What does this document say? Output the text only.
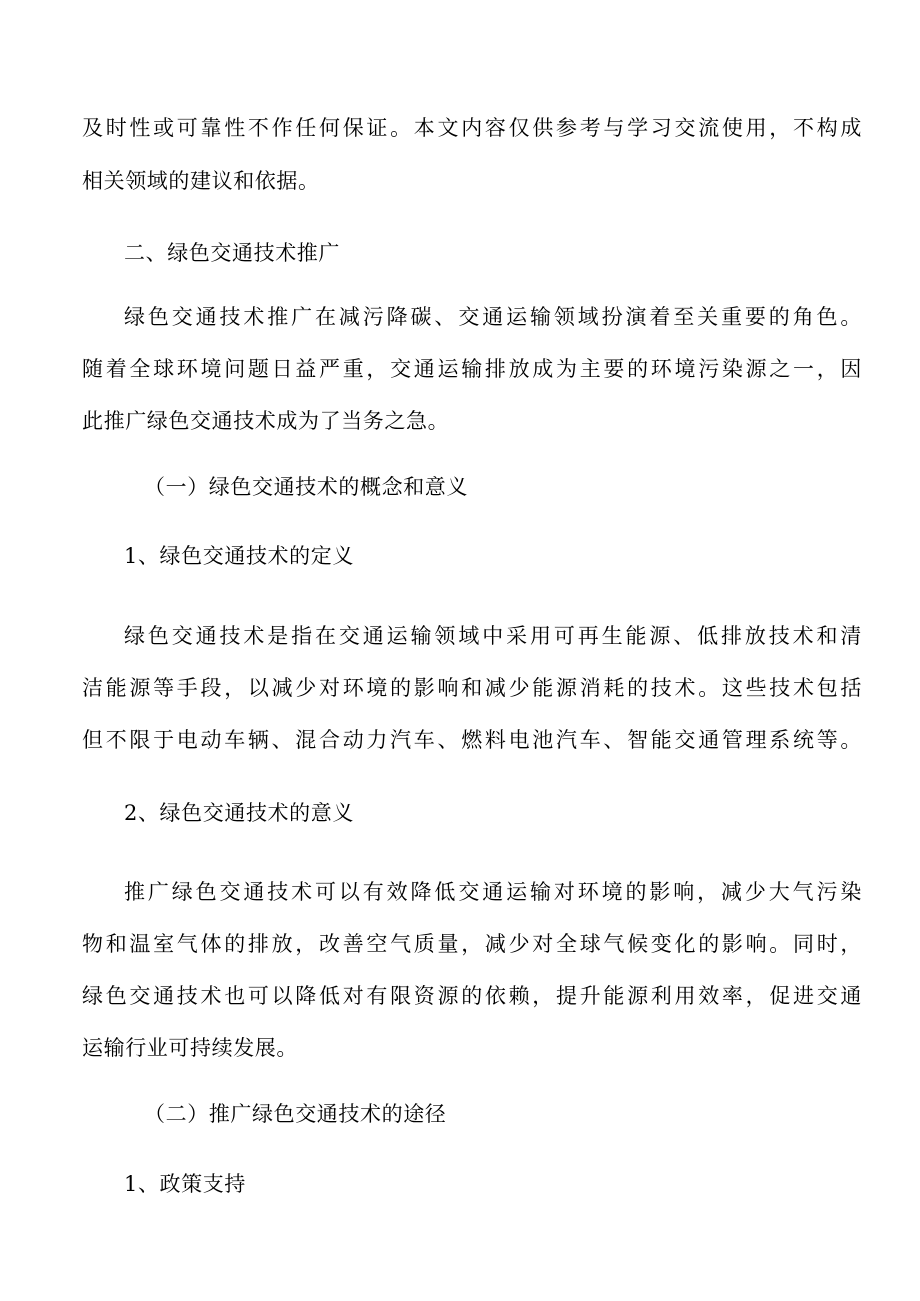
及时性或可靠性不作任何保证。本文内容仅供参考与学习交流使用，不构成
相关领域的建议和依据。
二、绿色交通技术推广
绿色交通技术推广在减污降碳、交通运输领域扮演着至关重要的角色。
随着全球环境问题日益严重，交通运输排放成为主要的环境污染源之一，因
此推广绿色交通技术成为了当务之急。
（一）绿色交通技术的概念和意义
1、绿色交通技术的定义
绿色交通技术是指在交通运输领域中采用可再生能源、低排放技术和清
洁能源等手段，以减少对环境的影响和减少能源消耗的技术。这些技术包括
但不限于电动车辆、混合动力汽车、燃料电池汽车、智能交通管理系统等。
2、绿色交通技术的意义
推广绿色交通技术可以有效降低交通运输对环境的影响，减少大气污染
物和温室气体的排放，改善空气质量，减少对全球气候变化的影响。同时，
绿色交通技术也可以降低对有限资源的依赖，提升能源利用效率，促进交通
运输行业可持续发展。
（二）推广绿色交通技术的途径
1、政策支持
